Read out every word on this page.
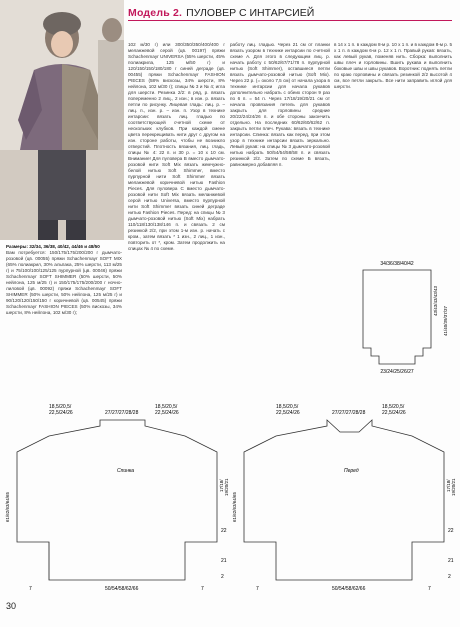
Модель 2. ПУЛОВЕР С ИНТАРСИЕЙ

Размеры: 32/34, 36/38, 40/42, 44/46 и 48/50

Вам потребуется: 150/175/175/200/200 г дымчато-розовой (цв. 00055) пряжи Schachenmayr SOFT MIX (65% полиакрил, 30% альпака, 25% шерсти, 113 м/25 г) и 75/100/100/125/125 пурпурной (цв. 00046) пряжи Schachenmayr SOFT SHIMMER (50% шерсти, 50% нейлона, 125 м/25 г) и 150/175/175/200/200 г ночно-лиловой (цв. 00092) пряжи Schachenmayr SOFT SHIMMER (50% шерсти, 50% нейлона, 125 м/25 г) и 90/120/120/150/150 г коричневой (цв. 00545) пряжи Schachenmayr FASHION PIECES (50% вискозы, 34% шерсти, 8% нейлона, 102 м/30 г);

102 м/30 г) или 300/350/350/400/400 г меланжевой серой (цв. 00197) пряжи Schachenmayr UNIVERSA (55% шерсти, 45% полиакрила, 125 м/50 г) и 120/150/150/180/180 г синей деграде (цв. 00455) пряжи Schachenmayr FASHION PIECES (58% вискозы, 34% шерсти, 8% нейлона, 102 м/30 г); спицы № 3 и № 4; игла для шерсти. Резинка 2/2: в ряд, р. вязать попеременно 2 лиц., 2 изн.; в изн. р. вязать петли по рисунку. Лицевая гладь: лиц. р. – лиц. п., изн. р. – изн. п. Узор в технике интарсии: вязать лиц. гладью по соответствующей счетной схеме от нескольких клубков. При каждой смене цвета перекрещивать нити друг с другом на изн. стороне работы, чтобы не возникло отверстий. Плотность вязания, лиц. гладь, спицы № 4: 22 п. и 30 р. = 10 х 10 см. Внимание! Для пуловера В вместо дымчато-розовой нити Soft Mix вязать жемчужно-белой нитью Soft Shimmer, вместо пурпурной нити Soft Shimmer вязать меланжевой коричневой нитью Fashion Pieces. Для пуловера С вместо дымчато-розовой нити Soft Mix вязать меланжевой серой нитью Universa, вместо пурпурной нити Soft Shimmer вязать синей деграде нитью Fashion Pieces. Перед: на спицы № 3 дымчато-розовой нитью (Soft Mix) набрать 110/118/130/138/146 п. и связать 2 см резинкой 2/2, при этом 1-м изн. р. начать с кром., затем вязать * 1 изн., 2 лиц., 1 изн., повторить от *, кром. Затем продолжить на спицах № 4 по схеме.

работу лиц. гладью. Через 21 см от планки вязать узором в технике интарсии по счетной схеме А. Для этого в следующем лиц. р. начать работу с 50/62/67/71/78 п. пурпурной нитью (Soft Shimmer), оставшиеся петли вязать дымчато-розовой нитью (Soft Mix). Через 22 р. (= около 7,5 см) от начала узора в технике интарсии для начала рукавов дополнительно набрать с обеих сторон 9 раз по 6 п. = 54 п. Через 17/18/19/20/21 см от начала провязания петель для рукавов закрыть для горловины средние 20/22/24/24/26 п. и обе стороны закончить отдельно. На последних 60/62/60/62/62 п. закрыть петли плеч. Рукава: вязать в технике интарсии. Спинка: вязать как перед, при этом узор в технике интарсии вязать зеркально. Левый рукав: на спицы № 3 дымчато-розовой нитью набрать 50/54/54/58/58 п. и связать резинкой 2/2. Затем по схеме Б вязать, равномерно добавляя п.

в 14 х 1 п. в каждом 8-м р. 10 х 1 п. и в каждом 8-м р. 5 х 1 п. в каждом 6-м р. 12 х 1 п. Правый рукав: вязать, как левый рукав, поменяв нить. Сборка: выполнить швы плеч и горловины. Вшить рукава и выполнить боковые швы и швы рукавов. Воротник: поднять петли по краю горловины и связать резинкой 2/2 высотой 4 см, все петли закрыть. Все нити заправить иглой для шерсти.

34/36/38/40/42
23/24/25/26/27
43/43/43/43/43
41/40/39/37/37
18,5/20,5/
22,5/24/26	27/27/27/28/28
18,5/20,5/
22,5/24/26
Спинка
61/62/63/64/65
17/18/ 19/20/21
22
21
2
7	50/54/58/62/66	7
18,5/20,5/
22,5/24/26	27/27/27/28/28
18,5/20,5/
22,5/24/26
Перед
61/62/63/64/65
17/18/ 19/20/21
22
21
2
7	50/54/58/62/66	7
30
